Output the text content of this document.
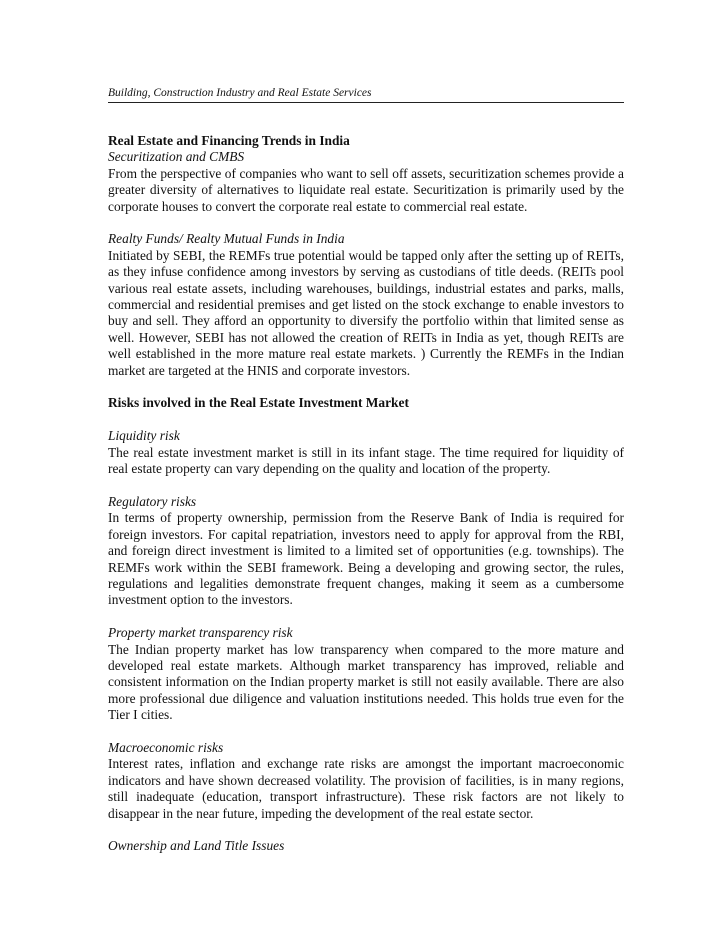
Building, Construction Industry and Real Estate Services

Real Estate and Financing Trends in India

Securitization and CMBS

From the perspective of companies who want to sell off assets, securitization schemes provide a greater diversity of alternatives to liquidate real estate. Securitization is primarily used by the corporate houses to convert the corporate real estate to commercial real estate.

Realty Funds/ Realty Mutual Funds in India

Initiated by SEBI, the REMFs true potential would be tapped only after the setting up of REITs, as they infuse confidence among investors by serving as custodians of title deeds. (REITs pool various real estate assets, including warehouses, buildings, industrial estates and parks, malls, commercial and residential premises and get listed on the stock exchange to enable investors to buy and sell. They afford an opportunity to diversify the portfolio within that limited sense as well. However, SEBI has not allowed the creation of REITs in India as yet, though REITs are well established in the more mature real estate markets. ) Currently the REMFs in the Indian market are targeted at the HNIS and corporate investors.

Risks involved in the Real Estate Investment Market

Liquidity risk

The real estate investment market is still in its infant stage. The time required for liquidity of real estate property can vary depending on the quality and location of the property.

Regulatory risks

In terms of property ownership, permission from the Reserve Bank of India is required for foreign investors. For capital repatriation, investors need to apply for approval from the RBI, and foreign direct investment is limited to a limited set of opportunities (e.g. townships). The REMFs work within the SEBI framework. Being a developing and growing sector, the rules, regulations and legalities demonstrate frequent changes, making it seem as a cumbersome investment option to the investors.

Property market transparency risk

The Indian property market has low transparency when compared to the more mature and developed real estate markets. Although market transparency has improved, reliable and consistent information on the Indian property market is still not easily available. There are also more professional due diligence and valuation institutions needed. This holds true even for the Tier I cities.

Macroeconomic risks

Interest rates, inflation and exchange rate risks are amongst the important macroeconomic indicators and have shown decreased volatility. The provision of facilities, is in many regions, still inadequate (education, transport infrastructure). These risk factors are not likely to disappear in the near future, impeding the development of the real estate sector.

Ownership and Land Title Issues
